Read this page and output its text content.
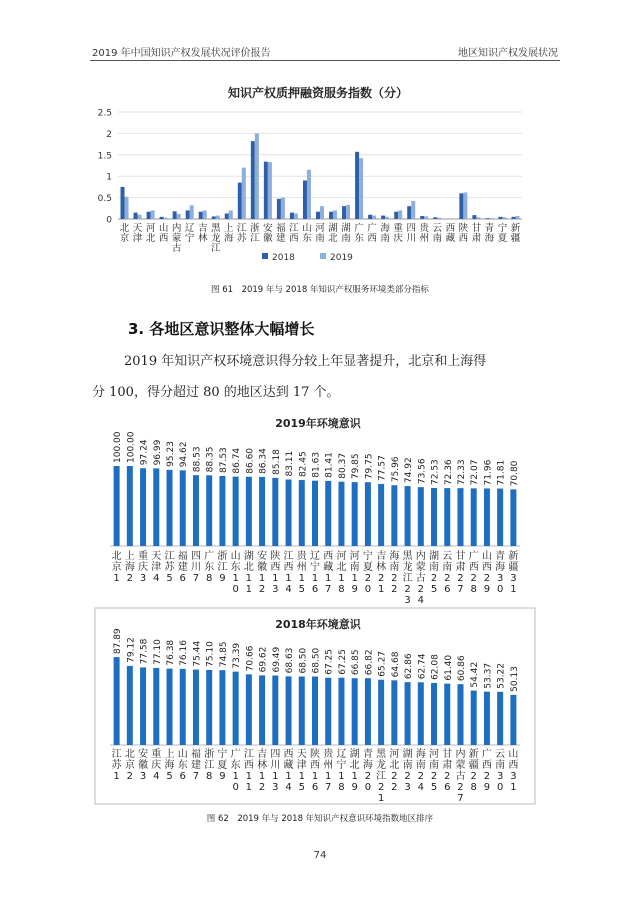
2019 年中国知识产权发展状况评价报告	地区知识产权发展状况
知识产权质押融资服务指数（分）
0
0.5
1
1.5
2
2.5
北京
天津
河北
山西
内蒙古
辽宁
吉林
黑龙江
上海
江苏
浙江
安徽
福建
江西
山东
河南
湖北
湖南
广东
广西
海南
重庆
四川
贵州
云南
西藏
陕西
甘肃
青海
宁夏
新疆
2018	2019
图 61　2019 年与 2018 年知识产权服务环境类部分指标
3. 各地区意识整体大幅增长
2019 年知识产权环境意识得分较上年显著提升，北京和上海得
分 100，得分超过 80 的地区达到 17 个。
2019年环境意识
100.00
北京 1
100.00
上海 2
97.24
重庆 3
96.99
天津 4
95.23
江苏 5
94.62
福建 6
88.53
四川 7
88.35
广东 8
87.53
浙江 9
86.74
山东 1 0
86.60
湖北 1 1
86.34
安徽 1 2
85.18
陕西 1 3
83.11
江西 1 4
82.45
贵州 1 5
81.63
辽宁 1 6
81.41
西藏 1 7
80.37
河北 1 8
79.85
河南 1 9
79.75
宁夏 2 0
77.57
吉林 2 1
75.96
海南 2 2
74.92
黑龙江 2 3
73.56
内蒙古 2 4
72.53
湖南 2 5
72.36
云南 2 6
72.33
甘肃 2 7
72.07
广西 2 8
71.96
山西 2 9
71.81
青海 3 0
70.80
新疆 3 1
2018年环境意识
87.89
江苏 1
79.12
北京 2
77.58
安徽 3
77.10
重庆 4
76.38
上海 5
76.16
山东 6
75.44
福建 7
75.10
浙江 8
74.85
宁夏 9
73.39
广东 1 0
70.66
江西 1 1
69.62
吉林 1 2
69.49
四川 1 3
68.63
西藏 1 4
68.50
天津 1 5
68.50
陕西 1 6
67.25
贵州 1 7
67.25
辽宁 1 8
66.85
湖北 1 9
66.82
青海 2 0
65.27
黑龙江 2 1
64.68
河北 2 2
62.86
湖南 2 3
62.74
海南 2 4
62.08
河南 2 5
61.40
甘肃 2 6
60.86
内蒙古 2 7
54.42
新疆 2 8
53.37
广西 2 9
53.22
云南 3 0
50.13
山西 3 1
图 62　2019 年与 2018 年知识产权意识环境指数地区排序
74
